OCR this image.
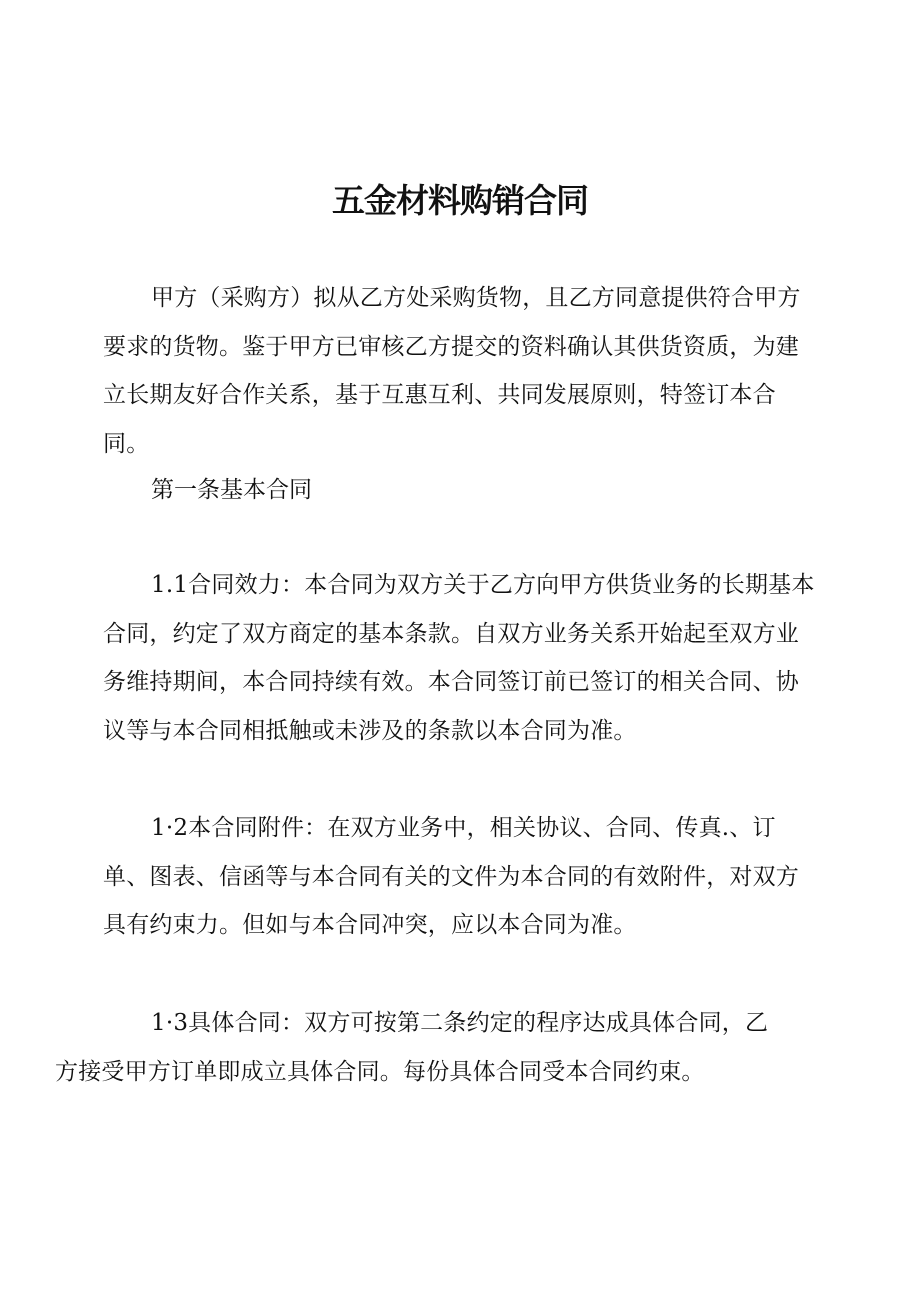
五金材料购销合同

甲方（采购方）拟从乙方处采购货物，且乙方同意提供符合甲方要求的货物。鉴于甲方已审核乙方提交的资料确认其供货资质，为建立长期友好合作关系，基于互惠互利、共同发展原则，特签订本合同。

第一条基本合同

1.1合同效力：本合同为双方关于乙方向甲方供货业务的长期基本合同，约定了双方商定的基本条款。自双方业务关系开始起至双方业务维持期间，本合同持续有效。本合同签订前已签订的相关合同、协议等与本合同相抵触或未涉及的条款以本合同为准。

1·2本合同附件：在双方业务中，相关协议、合同、传真.、订单、图表、信函等与本合同有关的文件为本合同的有效附件，对双方具有约束力。但如与本合同冲突，应以本合同为准。

1·3具体合同：双方可按第二条约定的程序达成具体合同，乙
方接受甲方订单即成立具体合同。每份具体合同受本合同约束。
